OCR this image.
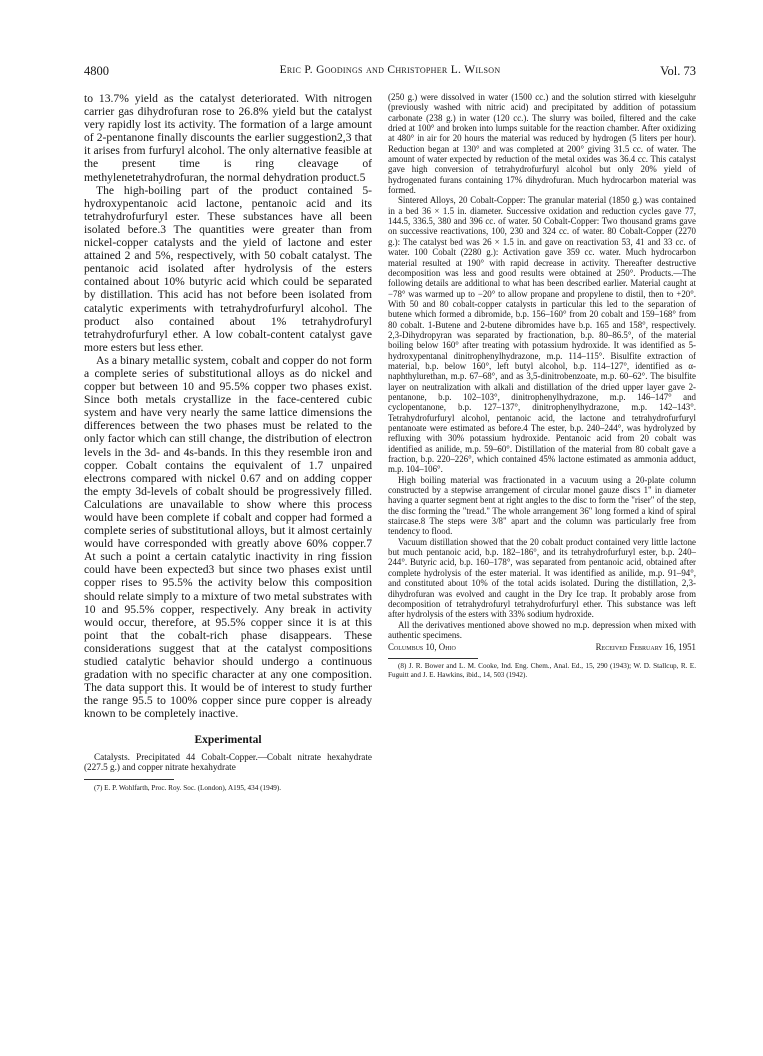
4800	Eric P. Goodings and Christopher L. Wilson	Vol. 73

to 13.7% yield as the catalyst deteriorated. With nitrogen carrier gas dihydrofuran rose to 26.8% yield but the catalyst very rapidly lost its activity. The formation of a large amount of 2-pentanone finally discounts the earlier suggestion2,3 that it arises from furfuryl alcohol. The only alternative feasible at the present time is ring cleavage of methylenetetrahydrofuran, the normal dehydration product.5

The high-boiling part of the product contained 5-hydroxypentanoic acid lactone, pentanoic acid and its tetrahydrofurfuryl ester. These substances have all been isolated before.3 The quantities were greater than from nickel-copper catalysts and the yield of lactone and ester attained 2 and 5%, respectively, with 50 cobalt catalyst. The pentanoic acid isolated after hydrolysis of the esters contained about 10% butyric acid which could be separated by distillation. This acid has not before been isolated from catalytic experiments with tetrahydrofurfuryl alcohol. The product also contained about 1% tetrahydrofuryl tetrahydrofurfuryl ether. A low cobalt-content catalyst gave more esters but less ether.

As a binary metallic system, cobalt and copper do not form a complete series of substitutional alloys as do nickel and copper but between 10 and 95.5% copper two phases exist. Since both metals crystallize in the face-centered cubic system and have very nearly the same lattice dimensions the differences between the two phases must be related to the only factor which can still change, the distribution of electron levels in the 3d- and 4s-bands. In this they resemble iron and copper. Cobalt contains the equivalent of 1.7 unpaired electrons compared with nickel 0.67 and on adding copper the empty 3d-levels of cobalt should be progressively filled. Calculations are unavailable to show where this process would have been complete if cobalt and copper had formed a complete series of substitutional alloys, but it almost certainly would have corresponded with greatly above 60% copper.7 At such a point a certain catalytic inactivity in ring fission could have been expected3 but since two phases exist until copper rises to 95.5% the activity below this composition should relate simply to a mixture of two metal substrates with 10 and 95.5% copper, respectively. Any break in activity would occur, therefore, at 95.5% copper since it is at this point that the cobalt-rich phase disappears. These considerations suggest that at the catalyst compositions studied catalytic behavior should undergo a continuous gradation with no specific character at any one composition. The data support this. It would be of interest to study further the range 95.5 to 100% copper since pure copper is already known to be completely inactive.

Experimental

Catalysts. Precipitated 44 Cobalt-Copper.—Cobalt nitrate hexahydrate (227.5 g.) and copper nitrate hexahydrate

(7) E. P. Wohlfarth, Proc. Roy. Soc. (London), A195, 434 (1949).

(250 g.) were dissolved in water (1500 cc.) and the solution stirred with kieselguhr (previously washed with nitric acid) and precipitated by addition of potassium carbonate (238 g.) in water (120 cc.). The slurry was boiled, filtered and the cake dried at 100° and broken into lumps suitable for the reaction chamber. After oxidizing at 480° in air for 20 hours the material was reduced by hydrogen (5 liters per hour). Reduction began at 130° and was completed at 200° giving 31.5 cc. of water. The amount of water expected by reduction of the metal oxides was 36.4 cc. This catalyst gave high conversion of tetrahydrofurfuryl alcohol but only 20% yield of hydrogenated furans containing 17% dihydrofuran. Much hydrocarbon material was formed.

Sintered Alloys, 20 Cobalt-Copper: The granular material (1850 g.) was contained in a bed 36 × 1.5 in. diameter. Successive oxidation and reduction cycles gave 77, 144.5, 336.5, 380 and 396 cc. of water. 50 Cobalt-Copper: Two thousand grams gave on successive reactivations, 100, 230 and 324 cc. of water. 80 Cobalt-Copper (2270 g.): The catalyst bed was 26 × 1.5 in. and gave on reactivation 53, 41 and 33 cc. of water. 100 Cobalt (2280 g.): Activation gave 359 cc. water. Much hydrocarbon material resulted at 190° with rapid decrease in activity. Thereafter destructive decomposition was less and good results were obtained at 250°. Products.—The following details are additional to what has been described earlier. Material caught at −78° was warmed up to −20° to allow propane and propylene to distil, then to +20°. With 50 and 80 cobalt-copper catalysts in particular this led to the separation of butene which formed a dibromide, b.p. 156–160° from 20 cobalt and 159–168° from 80 cobalt. 1-Butene and 2-butene dibromides have b.p. 165 and 158°, respectively. 2,3-Dihydropyran was separated by fractionation, b.p. 80–86.5°, of the material boiling below 160° after treating with potassium hydroxide. It was identified as 5-hydroxypentanal dinitrophenylhydrazone, m.p. 114–115°. Bisulfite extraction of material, b.p. below 160°, left butyl alcohol, b.p. 114–127°, identified as α-naphthylurethan, m.p. 67–68°, and as 3,5-dinitrobenzoate, m.p. 60–62°. The bisulfite layer on neutralization with alkali and distillation of the dried upper layer gave 2-pentanone, b.p. 102–103°, dinitrophenylhydrazone, m.p. 146–147° and cyclopentanone, b.p. 127–137°, dinitrophenylhydrazone, m.p. 142–143°. Tetrahydrofurfuryl alcohol, pentanoic acid, the lactone and tetrahydrofurfuryl pentanoate were estimated as before.4 The ester, b.p. 240–244°, was hydrolyzed by refluxing with 30% potassium hydroxide. Pentanoic acid from 20 cobalt was identified as anilide, m.p. 59–60°. Distillation of the material from 80 cobalt gave a fraction, b.p. 220–226°, which contained 45% lactone estimated as ammonia adduct, m.p. 104–106°.

High boiling material was fractionated in a vacuum using a 20-plate column constructed by a stepwise arrangement of circular monel gauze discs 1" in diameter having a quarter segment bent at right angles to the disc to form the "riser" of the step, the disc forming the "tread." The whole arrangement 36" long formed a kind of spiral staircase.8 The steps were 3/8" apart and the column was particularly free from tendency to flood.

Vacuum distillation showed that the 20 cobalt product contained very little lactone but much pentanoic acid, b.p. 182–186°, and its tetrahydrofurfuryl ester, b.p. 240–244°. Butyric acid, b.p. 160–178°, was separated from pentanoic acid, obtained after complete hydrolysis of the ester material. It was identified as anilide, m.p. 91–94°, and constituted about 10% of the total acids isolated. During the distillation, 2,3-dihydrofuran was evolved and caught in the Dry Ice trap. It probably arose from decomposition of tetrahydrofuryl tetrahydrofurfuryl ether. This substance was left after hydrolysis of the esters with 33% sodium hydroxide.

All the derivatives mentioned above showed no m.p. depression when mixed with authentic specimens.

Columbus 10, Ohio	Received February 16, 1951

(8) J. R. Bower and L. M. Cooke, Ind. Eng. Chem., Anal. Ed., 15, 290 (1943); W. D. Stallcup, R. E. Fuguitt and J. E. Hawkins, ibid., 14, 503 (1942).
